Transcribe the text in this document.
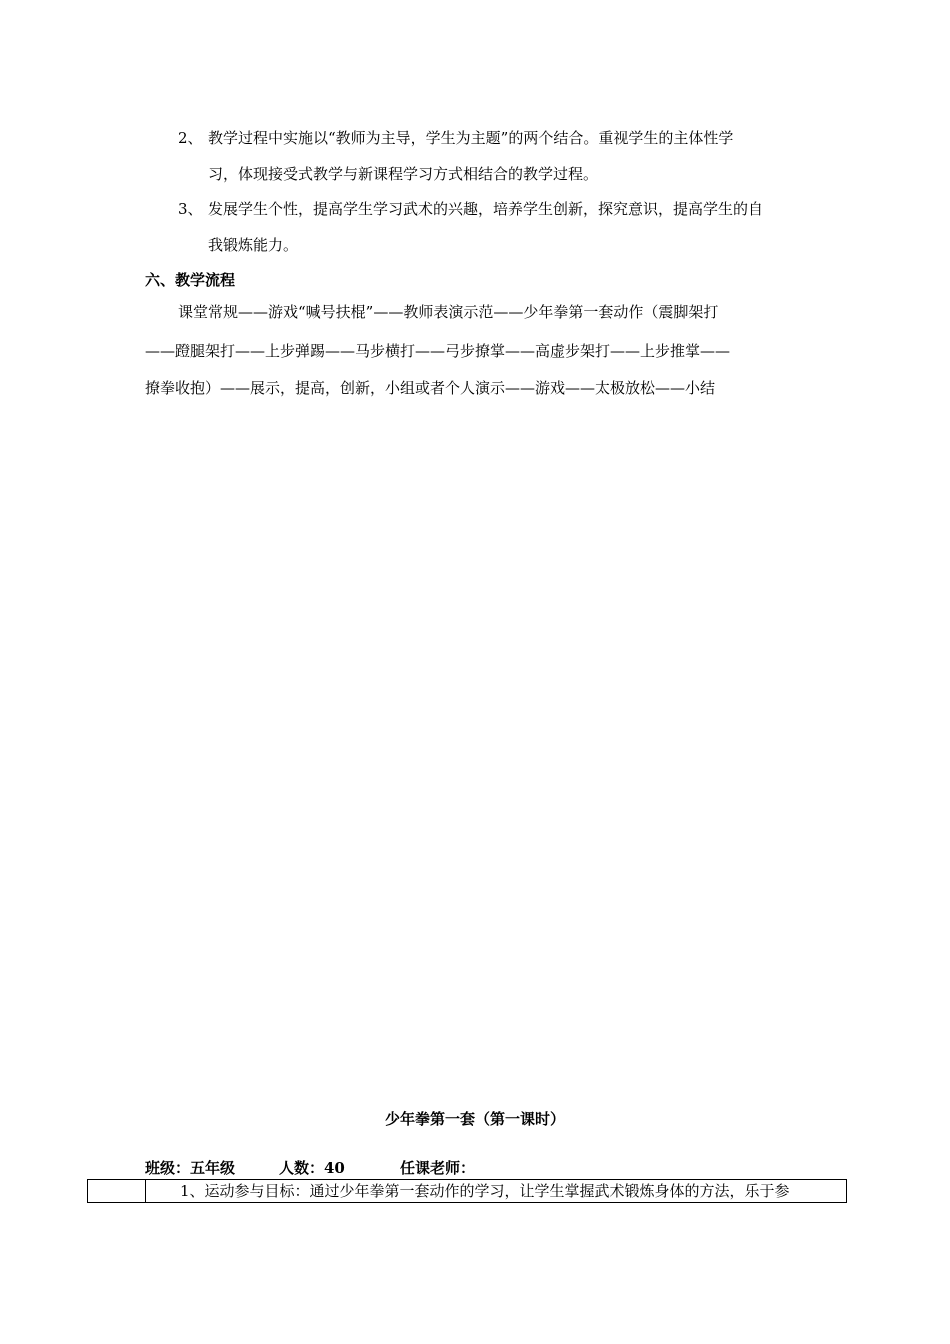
2、 教学过程中实施以“教师为主导，学生为主题”的两个结合。重视学生的主体性学
习，体现接受式教学与新课程学习方式相结合的教学过程。
3、 发展学生个性，提高学生学习武术的兴趣，培养学生创新，探究意识，提高学生的自
我锻炼能力。
六、教学流程
课堂常规——游戏“喊号扶棍”——教师表演示范——少年拳第一套动作（震脚架打
——蹬腿架打——上步弹踢——马步横打——弓步撩掌——高虚步架打——上步推掌——
撩拳收抱）——展示，提高，创新，小组或者个人演示——游戏——太极放松——小结
少年拳第一套（第一课时）
班级：五年级	人数：40	任课老师：
1、运动参与目标：通过少年拳第一套动作的学习，让学生掌握武术锻炼身体的方法，乐于参
